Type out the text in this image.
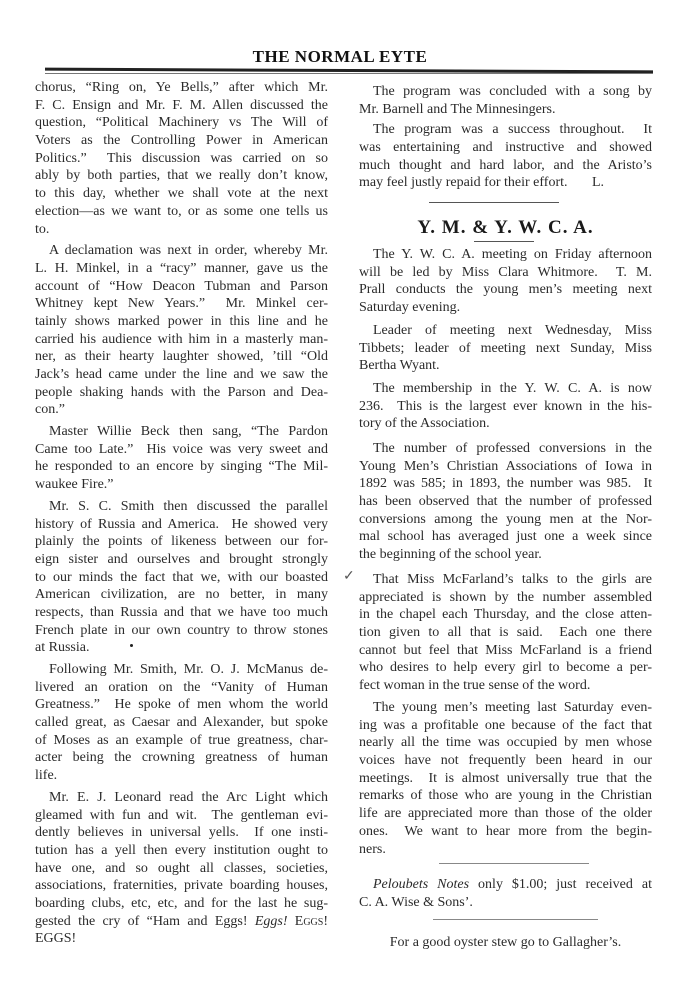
THE NORMAL EYTE
chorus, “Ring on, Ye Bells,” after which Mr.
F. C. Ensign and Mr. F. M. Allen discussed the
question, “Political Machinery vs The Will of
Voters as the Controlling Power in American
Politics.”  This discussion was carried on so
ably by both parties, that we really don’t know,
to this day, whether we shall vote at the next
election—as we want to, or as some one tells us
to.
A declamation was next in order, whereby Mr.
L. H. Minkel, in a “racy” manner, gave us the
account of “How Deacon Tubman and Parson
Whitney kept New Years.”  Mr. Minkel cer-
tainly shows marked power in this line and he
carried his audience with him in a masterly man-
ner, as their hearty laughter showed, ’till “Old
Jack’s head came under the line and we saw the
people shaking hands with the Parson and Dea-
con.”
Master Willie Beck then sang, “The Pardon
Came too Late.”  His voice was very sweet and
he responded to an encore by singing “The Mil-
waukee Fire.”
Mr. S. C. Smith then discussed the parallel
history of Russia and America.  He showed very
plainly the points of likeness between our for-
eign sister and ourselves and brought strongly
to our minds the fact that we, with our boasted
American civilization, are no better, in many
respects, than Russia and that we have too much
French plate in our own country to throw stones
at Russia.
Following Mr. Smith, Mr. O. J. McManus de-
livered an oration on the “Vanity of Human
Greatness.”  He spoke of men whom the world
called great, as Caesar and Alexander, but spoke
of Moses as an example of true greatness, char-
acter being the crowning greatness of human
life.
Mr. E. J. Leonard read the Arc Light which
gleamed with fun and wit.  The gentleman evi-
dently believes in universal yells.  If one insti-
tution has a yell then every institution ought to
have one, and so ought all classes, societies,
associations, fraternities, private boarding houses,
boarding clubs, etc, etc, and for the last he sug-
gested the cry of “Ham and Eggs! Eggs! Eggs!
EGGS!
The program was concluded with a song by
Mr. Barnell and The Minnesingers.
The program was a success throughout.  It
was entertaining and instructive and showed
much thought and hard labor, and the Aristo’s
may feel justly repaid for their effort.       L.
Y. M. & Y. W. C. A.
The Y. W. C. A. meeting on Friday afternoon
will be led by Miss Clara Whitmore.  T. M.
Prall conducts the young men’s meeting next
Saturday evening.
Leader of meeting next Wednesday, Miss
Tibbets; leader of meeting next Sunday, Miss
Bertha Wyant.
The membership in the Y. W. C. A. is now
236.  This is the largest ever known in the his-
tory of the Association.
The number of professed conversions in the
Young Men’s Christian Associations of Iowa in
1892 was 585; in 1893, the number was 985.  It
has been observed that the number of professed
conversions among the young men at the Nor-
mal school has averaged just one a week since
the beginning of the school year.
That Miss McFarland’s talks to the girls are
appreciated is shown by the number assembled
in the chapel each Thursday, and the close atten-
tion given to all that is said.  Each one there
cannot but feel that Miss McFarland is a friend
who desires to help every girl to become a per-
fect woman in the true sense of the word.
The young men’s meeting last Saturday even-
ing was a profitable one because of the fact that
nearly all the time was occupied by men whose
voices have not frequently been heard in our
meetings.  It is almost universally true that the
remarks of those who are young in the Christian
life are appreciated more than those of the older
ones.  We want to hear more from the begin-
ners.
Peloubets Notes only $1.00; just received at
C. A. Wise & Sons’.
For a good oyster stew go to Gallagher’s.
✓
